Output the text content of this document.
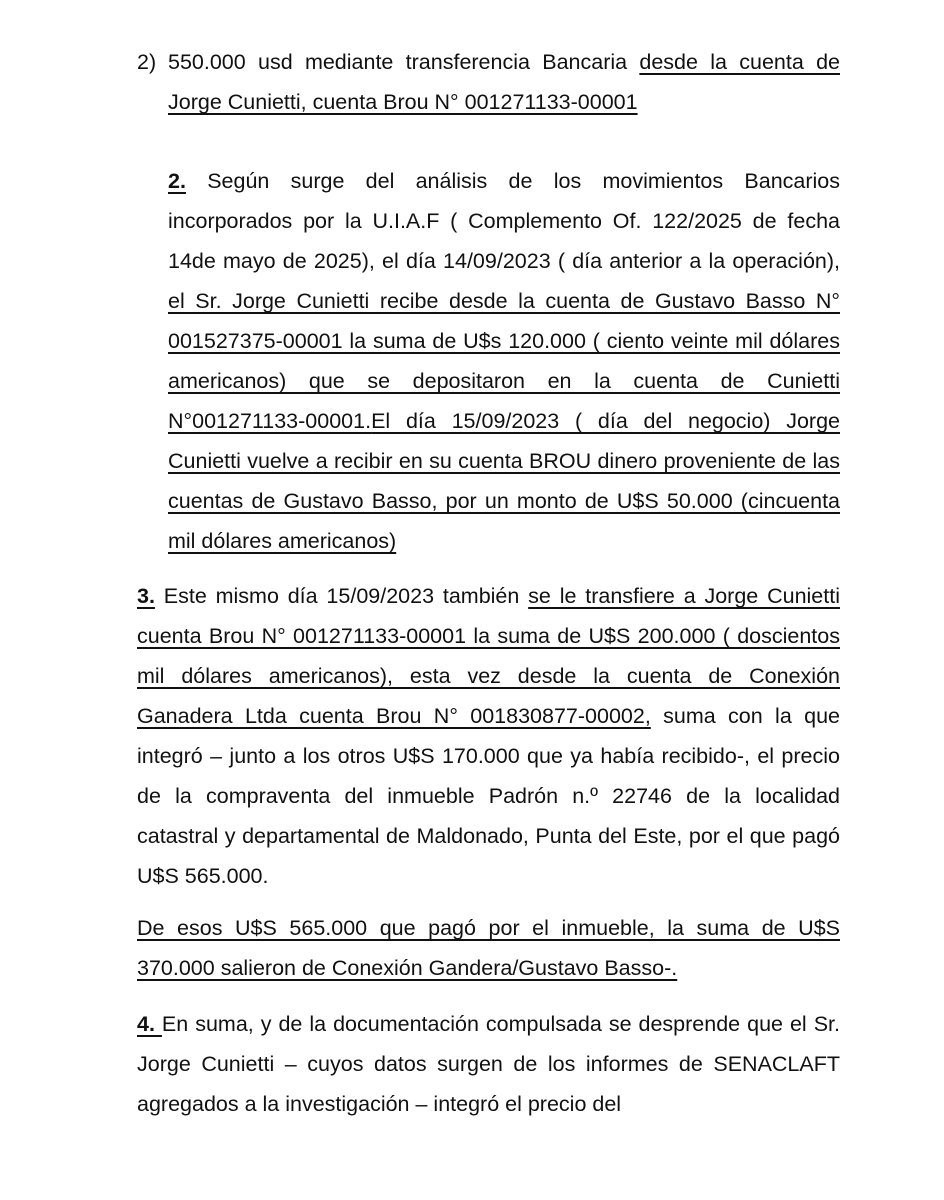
2) 550.000 usd mediante transferencia Bancaria desde la cuenta de Jorge Cunietti, cuenta Brou N° 001271133-00001

2. Según surge del análisis de los movimientos Bancarios incorporados por la U.I.A.F ( Complemento Of. 122/2025 de fecha 14de mayo de 2025), el día 14/09/2023 ( día anterior a la operación), el Sr. Jorge Cunietti recibe desde la cuenta de Gustavo Basso N° 001527375-00001 la suma de U$s 120.000 ( ciento veinte mil dólares americanos) que se depositaron en la cuenta de Cunietti N°001271133-00001.El día 15/09/2023 ( día del negocio) Jorge Cunietti vuelve a recibir en su cuenta BROU dinero proveniente de las cuentas de Gustavo Basso, por un monto de U$S 50.000 (cincuenta mil dólares americanos)

3. Este mismo día 15/09/2023 también se le transfiere a Jorge Cunietti cuenta Brou N° 001271133-00001 la suma de U$S 200.000 ( doscientos mil dólares americanos), esta vez desde la cuenta de Conexión Ganadera Ltda cuenta Brou N° 001830877-00002, suma con la que integró – junto a los otros U$S 170.000 que ya había recibido-, el precio de la compraventa del inmueble Padrón n.º 22746 de la localidad catastral y departamental de Maldonado, Punta del Este, por el que pagó U$S 565.000.

De esos U$S 565.000 que pagó por el inmueble, la suma de U$S 370.000 salieron de Conexión Gandera/Gustavo Basso-.

4. En suma, y de la documentación compulsada se desprende que el Sr. Jorge Cunietti – cuyos datos surgen de los informes de SENACLAFT agregados a la investigación – integró el precio del
